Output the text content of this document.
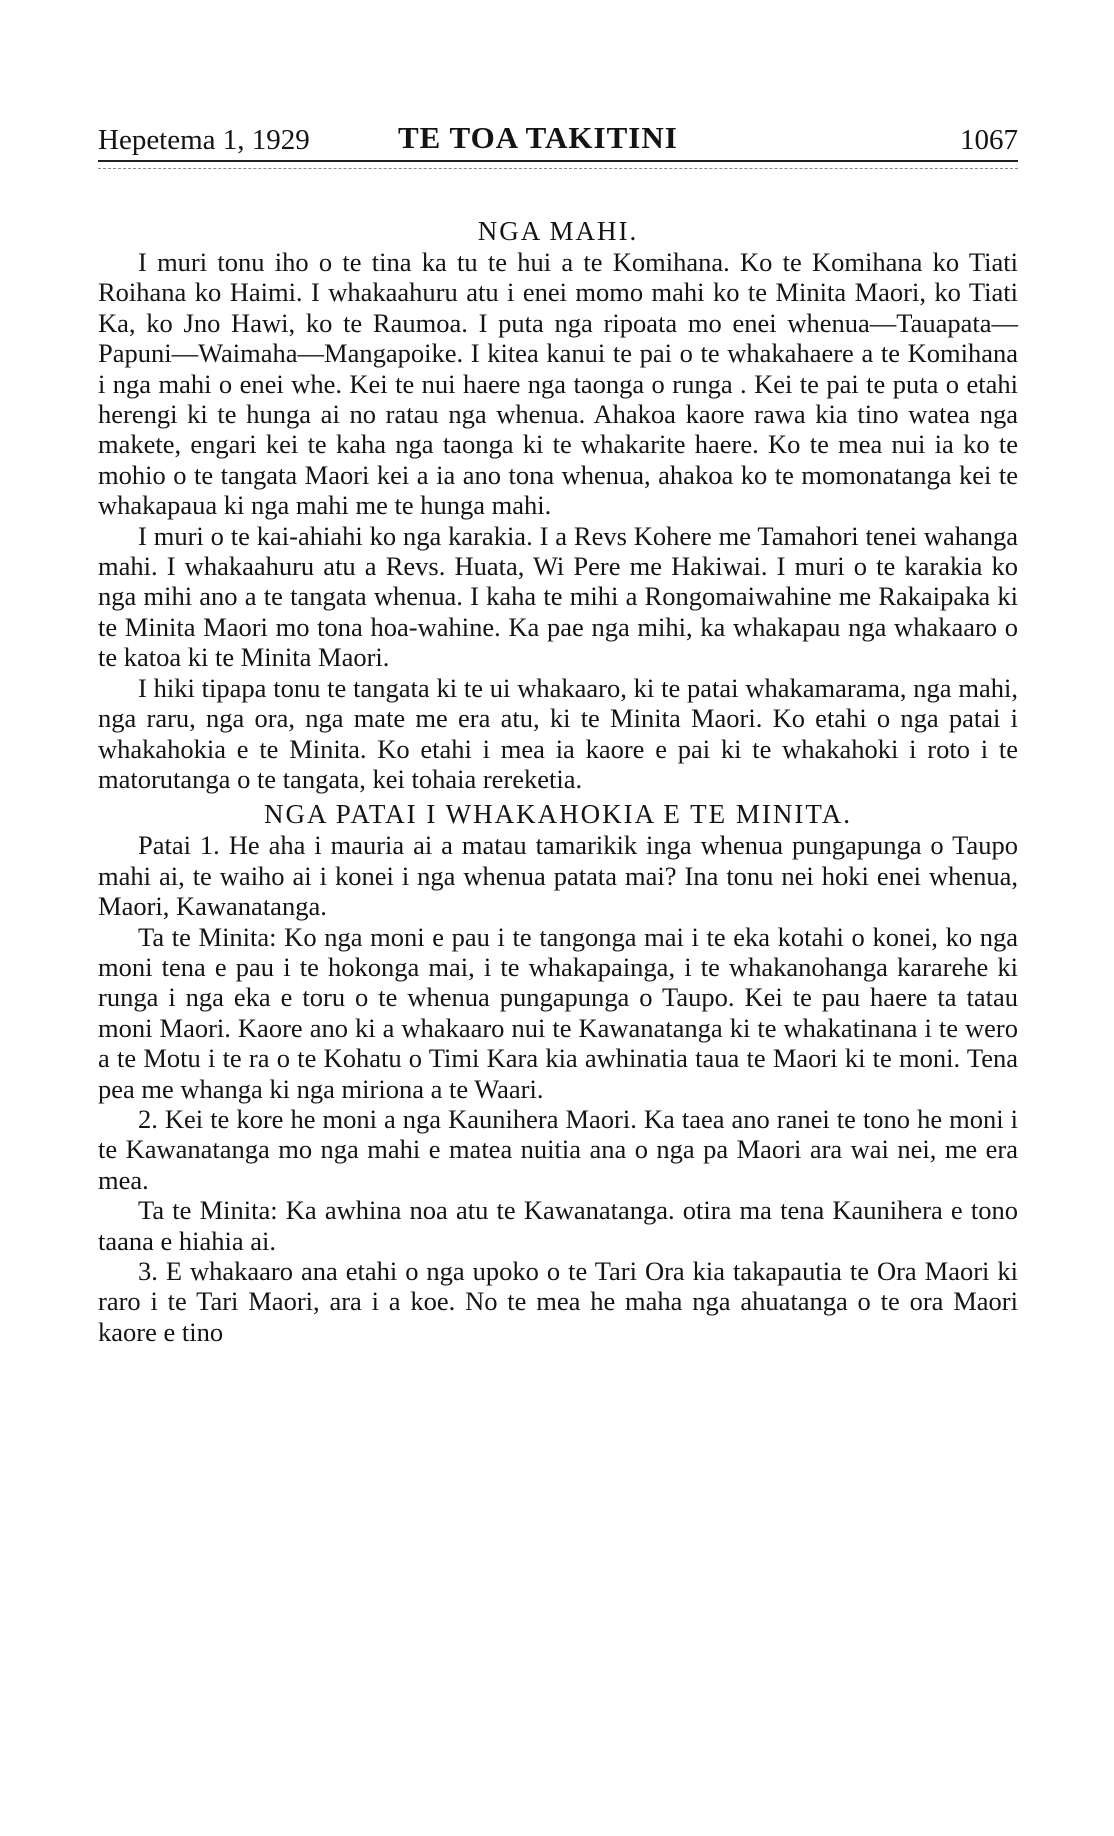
Hepetema 1, 1929	TE TOA TAKITINI	1067

NGA MAHI.

I muri tonu iho o te tina ka tu te hui a te Komihana. Ko te Komihana ko Tiati Roihana ko Haimi. I whakaahuru atu i enei momo mahi ko te Minita Maori, ko Tiati Ka, ko Jno Hawi, ko te Raumoa. I puta nga ripoata mo enei whenua—Tauapata—Papuni—Waimaha—Mangapoike. I kitea kanui te pai o te whakahaere a te Komihana i nga mahi o enei whe. Kei te nui haere nga taonga o runga . Kei te pai te puta o etahi herengi ki te hunga ai no ratau nga whenua. Ahakoa kaore rawa kia tino watea nga makete, engari kei te kaha nga taonga ki te whakarite haere. Ko te mea nui ia ko te mohio o te tangata Maori kei a ia ano tona whenua, ahakoa ko te momonatanga kei te whakapaua ki nga mahi me te hunga mahi.

I muri o te kai-ahiahi ko nga karakia. I a Revs Kohere me Tamahori tenei wahanga mahi. I whakaahuru atu a Revs. Huata, Wi Pere me Hakiwai. I muri o te karakia ko nga mihi ano a te tangata whenua. I kaha te mihi a Rongomaiwahine me Rakaipaka ki te Minita Maori mo tona hoa-wahine. Ka pae nga mihi, ka whakapau nga whakaaro o te katoa ki te Minita Maori.

I hiki tipapa tonu te tangata ki te ui whakaaro, ki te patai whakamarama, nga mahi, nga raru, nga ora, nga mate me era atu, ki te Minita Maori. Ko etahi o nga patai i whakahokia e te Minita. Ko etahi i mea ia kaore e pai ki te whakahoki i roto i te matorutanga o te tangata, kei tohaia rereketia.

NGA PATAI I WHAKAHOKIA E TE MINITA.

Patai 1. He aha i mauria ai a matau tamarikik inga whenua pungapunga o Taupo mahi ai, te waiho ai i konei i nga whenua patata mai? Ina tonu nei hoki enei whenua, Maori, Kawanatanga.

Ta te Minita: Ko nga moni e pau i te tangonga mai i te eka kotahi o konei, ko nga moni tena e pau i te hokonga mai, i te whakapainga, i te whakanohanga kararehe ki runga i nga eka e toru o te whenua pungapunga o Taupo. Kei te pau haere ta tatau moni Maori. Kaore ano ki a whakaaro nui te Kawanatanga ki te whakatinana i te wero a te Motu i te ra o te Kohatu o Timi Kara kia awhinatia taua te Maori ki te moni. Tena pea me whanga ki nga miriona a te Waari.

2. Kei te kore he moni a nga Kaunihera Maori. Ka taea ano ranei te tono he moni i te Kawanatanga mo nga mahi e matea nuitia ana o nga pa Maori ara wai nei, me era mea.

Ta te Minita: Ka awhina noa atu te Kawanatanga. otira ma tena Kaunihera e tono taana e hiahia ai.

3. E whakaaro ana etahi o nga upoko o te Tari Ora kia takapautia te Ora Maori ki raro i te Tari Maori, ara i a koe. No te mea he maha nga ahuatanga o te ora Maori kaore e tino
